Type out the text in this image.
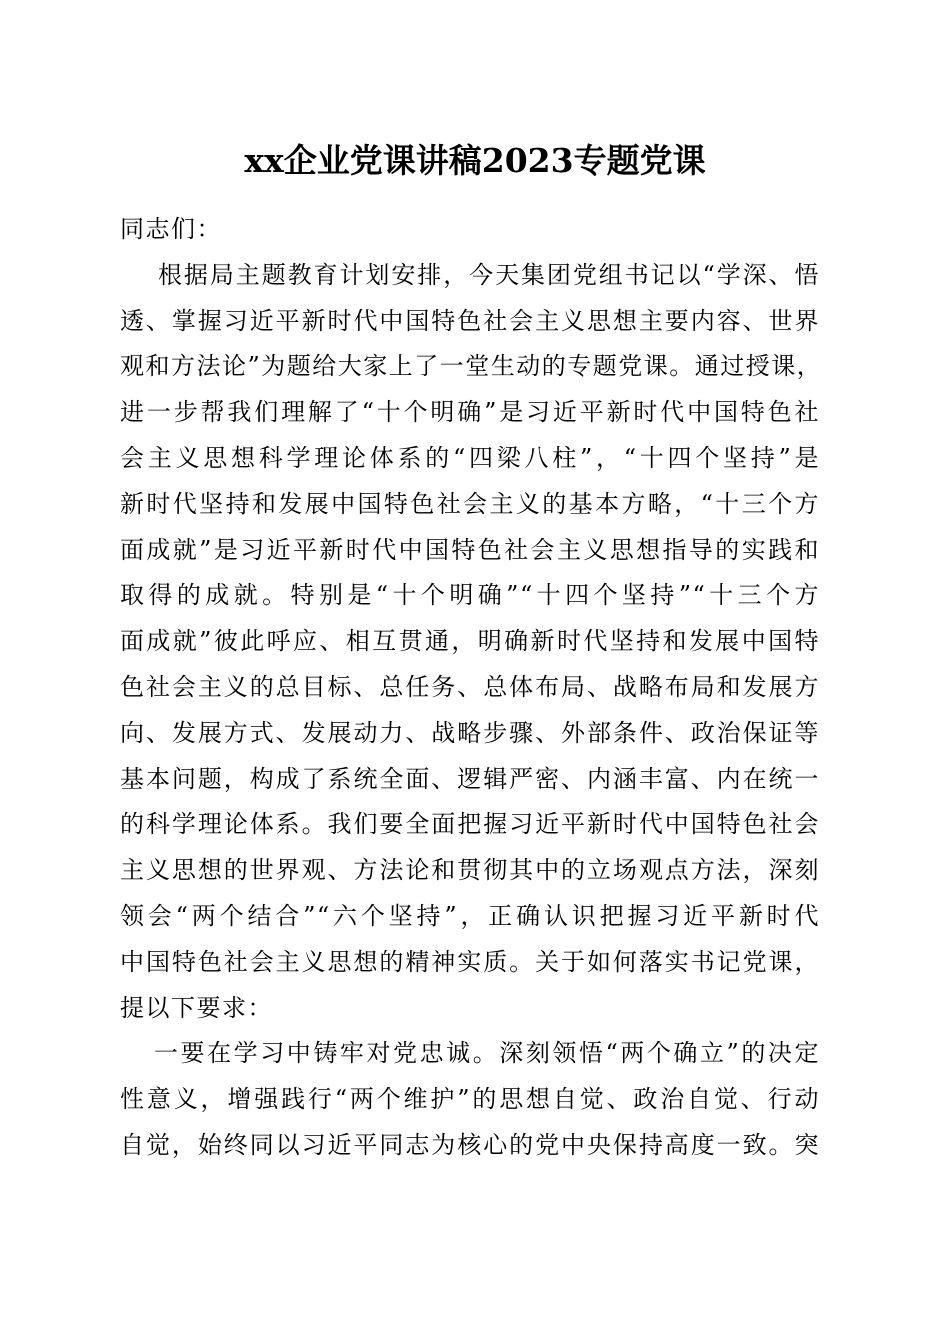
xx企业党课讲稿2023专题党课
同志们：
根据局主题教育计划安排，今天集团党组书记以“学深、悟
透、掌握习近平新时代中国特色社会主义思想主要内容、世界
观和方法论”为题给大家上了一堂生动的专题党课。通过授课，
进一步帮我们理解了“十个明确”是习近平新时代中国特色社
会主义思想科学理论体系的“四梁八柱”，“十四个坚持”是
新时代坚持和发展中国特色社会主义的基本方略，“十三个方
面成就”是习近平新时代中国特色社会主义思想指导的实践和
取得的成就。特别是“十个明确”“十四个坚持”“十三个方
面成就”彼此呼应、相互贯通，明确新时代坚持和发展中国特
色社会主义的总目标、总任务、总体布局、战略布局和发展方
向、发展方式、发展动力、战略步骤、外部条件、政治保证等
基本问题，构成了系统全面、逻辑严密、内涵丰富、内在统一
的科学理论体系。我们要全面把握习近平新时代中国特色社会
主义思想的世界观、方法论和贯彻其中的立场观点方法，深刻
领会“两个结合”“六个坚持”，正确认识把握习近平新时代
中国特色社会主义思想的精神实质。关于如何落实书记党课，
提以下要求：
一要在学习中铸牢对党忠诚。深刻领悟“两个确立”的决定
性意义，增强践行“两个维护”的思想自觉、政治自觉、行动
自觉，始终同以习近平同志为核心的党中央保持高度一致。突
